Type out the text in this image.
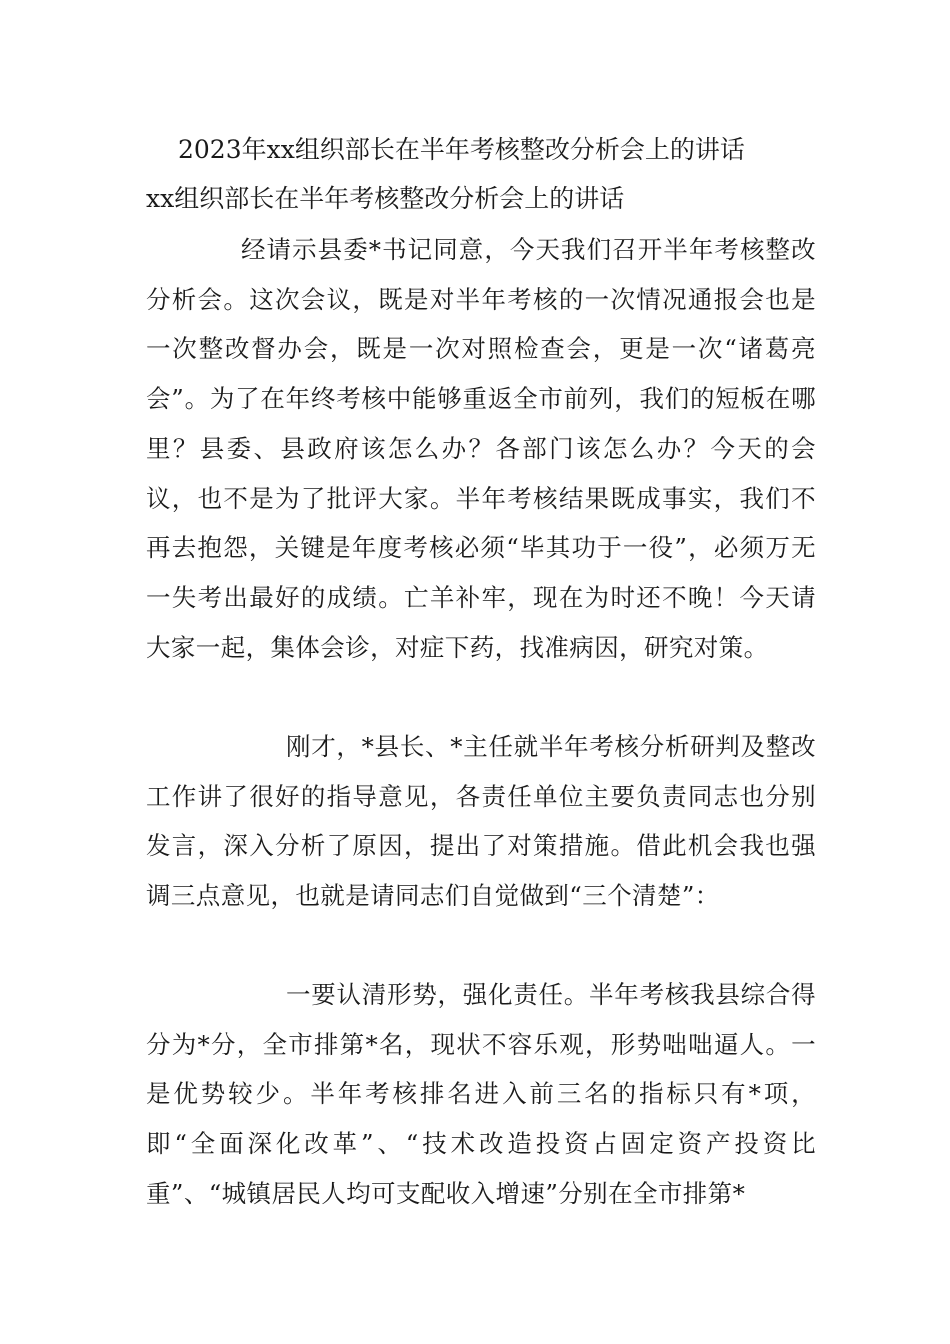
2023年xx组织部长在半年考核整改分析会上的讲话
xx组织部长在半年考核整改分析会上的讲话
经请示县委*书记同意，今天我们召开半年考核整改分析会。这次会议，既是对半年考核的一次情况通报会也是一次整改督办会，既是一次对照检查会，更是一次“诸葛亮会”。为了在年终考核中能够重返全市前列，我们的短板在哪里？县委、县政府该怎么办？各部门该怎么办？今天的会议，也不是为了批评大家。半年考核结果既成事实，我们不再去抱怨，关键是年度考核必须“毕其功于一役”，必须万无一失考出最好的成绩。亡羊补牢，现在为时还不晚！今天请大家一起，集体会诊，对症下药，找准病因，研究对策。
刚才，*县长、*主任就半年考核分析研判及整改工作讲了很好的指导意见，各责任单位主要负责同志也分别发言，深入分析了原因，提出了对策措施。借此机会我也强调三点意见，也就是请同志们自觉做到“三个清楚”：
一要认清形势，强化责任。半年考核我县综合得分为*分，全市排第*名，现状不容乐观，形势咄咄逼人。一是优势较少。半年考核排名进入前三名的指标只有*项，即“全面深化改革”、“技术改造投资占固定资产投资比重”、“城镇居民人均可支配收入增速”分别在全市排第*
